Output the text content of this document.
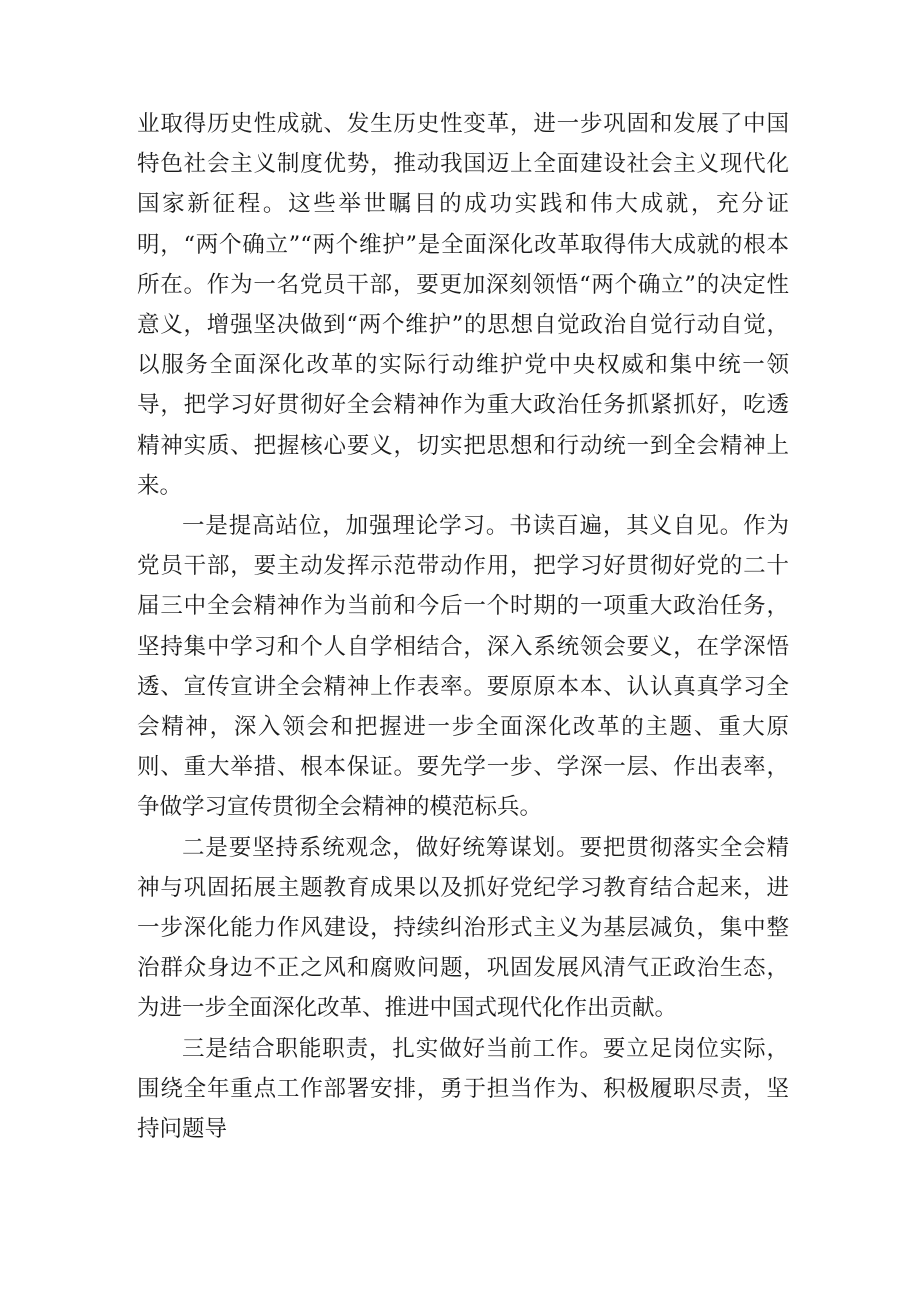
业取得历史性成就、发生历史性变革，进一步巩固和发展了中国特色社会主义制度优势，推动我国迈上全面建设社会主义现代化国家新征程。这些举世瞩目的成功实践和伟大成就，充分证明，“两个确立”“两个维护”是全面深化改革取得伟大成就的根本所在。作为一名党员干部，要更加深刻领悟“两个确立”的决定性意义，增强坚决做到“两个维护”的思想自觉政治自觉行动自觉，以服务全面深化改革的实际行动维护党中央权威和集中统一领导，把学习好贯彻好全会精神作为重大政治任务抓紧抓好，吃透精神实质、把握核心要义，切实把思想和行动统一到全会精神上来。

一是提高站位，加强理论学习。书读百遍，其义自见。作为党员干部，要主动发挥示范带动作用，把学习好贯彻好党的二十届三中全会精神作为当前和今后一个时期的一项重大政治任务，坚持集中学习和个人自学相结合，深入系统领会要义，在学深悟透、宣传宣讲全会精神上作表率。要原原本本、认认真真学习全会精神，深入领会和把握进一步全面深化改革的主题、重大原则、重大举措、根本保证。要先学一步、学深一层、作出表率，争做学习宣传贯彻全会精神的模范标兵。

二是要坚持系统观念，做好统筹谋划。要把贯彻落实全会精神与巩固拓展主题教育成果以及抓好党纪学习教育结合起来，进一步深化能力作风建设，持续纠治形式主义为基层减负，集中整治群众身边不正之风和腐败问题，巩固发展风清气正政治生态，为进一步全面深化改革、推进中国式现代化作出贡献。

三是结合职能职责，扎实做好当前工作。要立足岗位实际，围绕全年重点工作部署安排，勇于担当作为、积极履职尽责，坚持问题导
